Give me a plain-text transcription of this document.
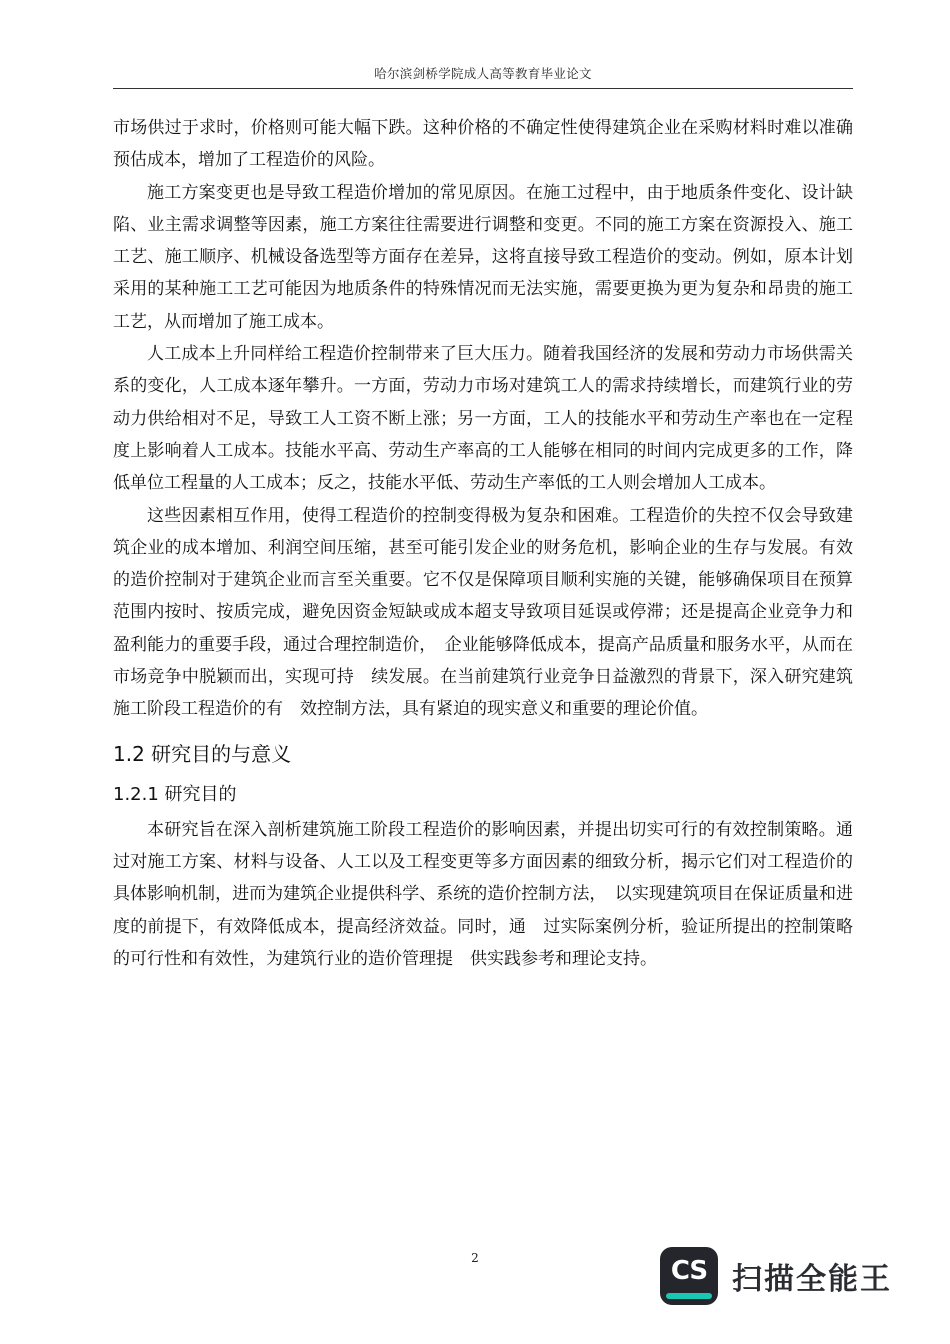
哈尔滨剑桥学院成人高等教育毕业论文

市场供过于求时，价格则可能大幅下跌。这种价格的不确定性使得建筑企业在采购材料时难以准确预估成本，增加了工程造价的风险。

施工方案变更也是导致工程造价增加的常见原因。在施工过程中，由于地质条件变化、设计缺陷、业主需求调整等因素，施工方案往往需要进行调整和变更。不同的施工方案在资源投入、施工工艺、施工顺序、机械设备选型等方面存在差异，这将直接导致工程造价的变动。例如，原本计划采用的某种施工工艺可能因为地质条件的特殊情况而无法实施，需要更换为更为复杂和昂贵的施工工艺，从而增加了施工成本。

人工成本上升同样给工程造价控制带来了巨大压力。随着我国经济的发展和劳动力市场供需关系的变化，人工成本逐年攀升。一方面，劳动力市场对建筑工人的需求持续增长，而建筑行业的劳动力供给相对不足，导致工人工资不断上涨；另一方面，工人的技能水平和劳动生产率也在一定程度上影响着人工成本。技能水平高、劳动生产率高的工人能够在相同的时间内完成更多的工作，降低单位工程量的人工成本；反之，技能水平低、劳动生产率低的工人则会增加人工成本。

这些因素相互作用，使得工程造价的控制变得极为复杂和困难。工程造价的失控不仅会导致建筑企业的成本增加、利润空间压缩，甚至可能引发企业的财务危机，影响企业的生存与发展。有效的造价控制对于建筑企业而言至关重要。它不仅是保障项目顺利实施的关键，能够确保项目在预算范围内按时、按质完成，避免因资金短缺或成本超支导致项目延误或停滞；还是提高企业竞争力和盈利能力的重要手段，通过合理控制造价，　企业能够降低成本，提高产品质量和服务水平，从而在市场竞争中脱颖而出，实现可持　续发展。在当前建筑行业竞争日益激烈的背景下，深入研究建筑施工阶段工程造价的有　效控制方法，具有紧迫的现实意义和重要的理论价值。

1.2 研究目的与意义
1.2.1 研究目的

本研究旨在深入剖析建筑施工阶段工程造价的影响因素，并提出切实可行的有效控制策略。通过对施工方案、材料与设备、人工以及工程变更等多方面因素的细致分析，揭示它们对工程造价的具体影响机制，进而为建筑企业提供科学、系统的造价控制方法，　以实现建筑项目在保证质量和进度的前提下，有效降低成本，提高经济效益。同时，通　过实际案例分析，验证所提出的控制策略的可行性和有效性，为建筑行业的造价管理提　供实践参考和理论支持。

2	CS 扫描全能王
